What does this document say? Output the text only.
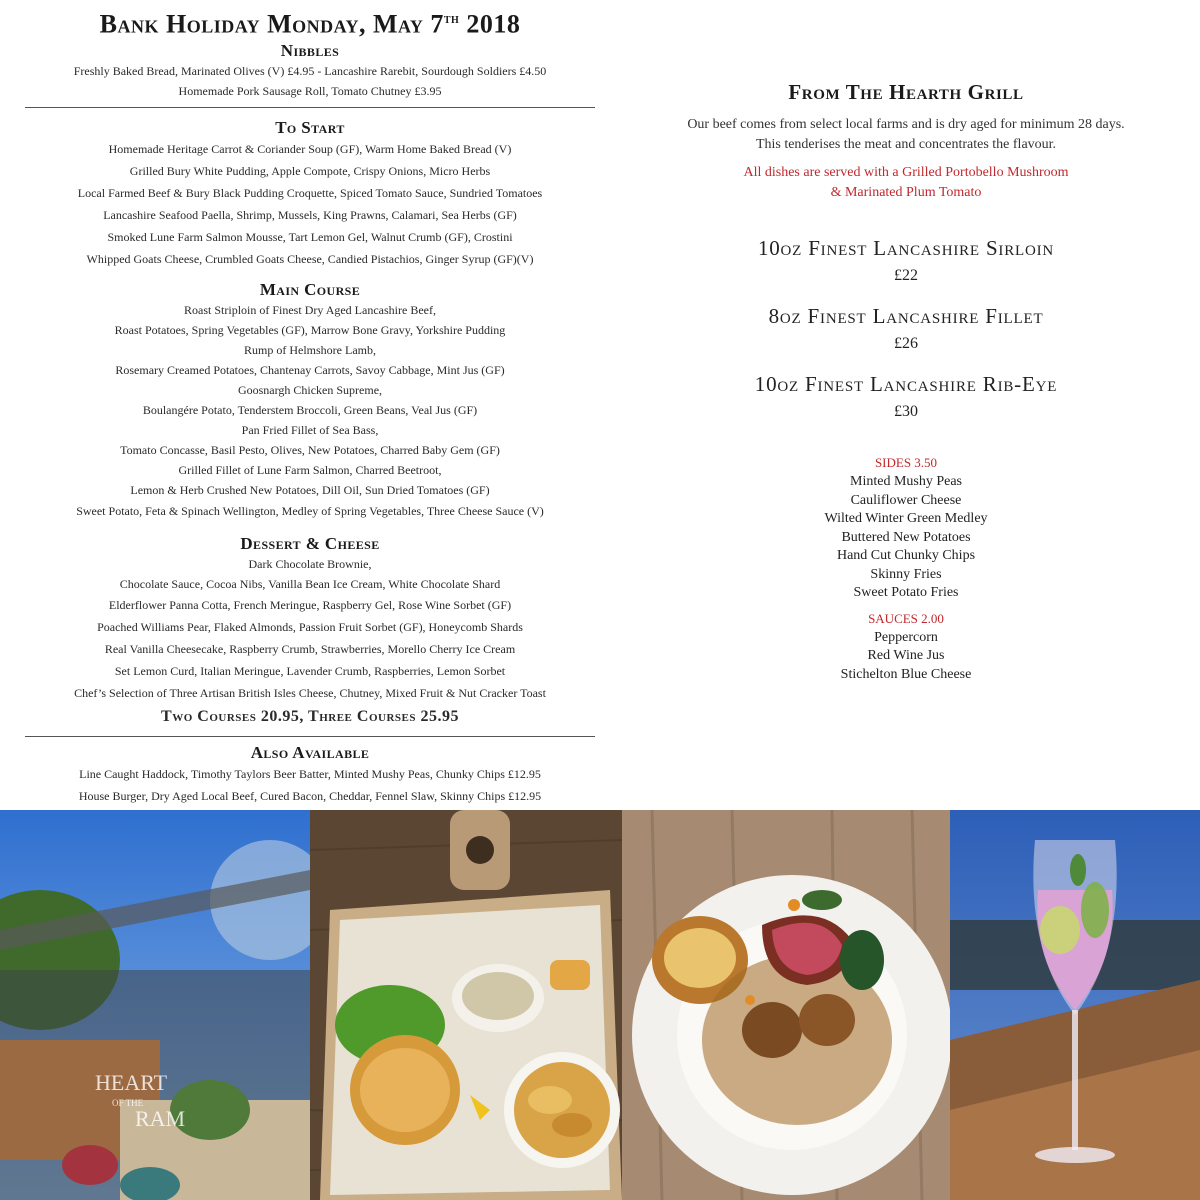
Bank Holiday Monday, May 7th 2018
Nibbles
Freshly Baked Bread, Marinated Olives (V) £4.95 - Lancashire Rarebit, Sourdough Soldiers £4.50
Homemade Pork Sausage Roll, Tomato Chutney £3.95
To Start
Homemade Heritage Carrot & Coriander Soup (GF), Warm Home Baked Bread (V)
Grilled Bury White Pudding, Apple Compote, Crispy Onions, Micro Herbs
Local Farmed Beef & Bury Black Pudding Croquette, Spiced Tomato Sauce, Sundried Tomatoes
Lancashire Seafood Paella, Shrimp, Mussels, King Prawns, Calamari, Sea Herbs (GF)
Smoked Lune Farm Salmon Mousse, Tart Lemon Gel, Walnut Crumb (GF), Crostini
Whipped Goats Cheese, Crumbled Goats Cheese, Candied Pistachios, Ginger Syrup (GF)(V)
Main Course
Roast Striploin of Finest Dry Aged Lancashire Beef,
Roast Potatoes, Spring Vegetables (GF), Marrow Bone Gravy, Yorkshire Pudding
Rump of Helmshore Lamb,
Rosemary Creamed Potatoes, Chantenay Carrots, Savoy Cabbage, Mint Jus (GF)
Goosnargh Chicken Supreme,
Boulangére Potato, Tenderstem Broccoli, Green Beans, Veal Jus (GF)
Pan Fried Fillet of Sea Bass,
Tomato Concasse, Basil Pesto, Olives, New Potatoes, Charred Baby Gem (GF)
Grilled Fillet of Lune Farm Salmon, Charred Beetroot,
Lemon & Herb Crushed New Potatoes, Dill Oil, Sun Dried Tomatoes (GF)
Sweet Potato, Feta & Spinach Wellington, Medley of Spring Vegetables, Three Cheese Sauce (V)
Dessert & Cheese
Dark Chocolate Brownie,
Chocolate Sauce, Cocoa Nibs, Vanilla Bean Ice Cream, White Chocolate Shard
Elderflower Panna Cotta, French Meringue, Raspberry Gel, Rose Wine Sorbet (GF)
Poached Williams Pear, Flaked Almonds, Passion Fruit Sorbet (GF), Honeycomb Shards
Real Vanilla Cheesecake, Raspberry Crumb, Strawberries, Morello Cherry Ice Cream
Set Lemon Curd, Italian Meringue, Lavender Crumb, Raspberries, Lemon Sorbet
Chef’s Selection of Three Artisan British Isles Cheese, Chutney, Mixed Fruit & Nut Cracker Toast
Two Courses 20.95, Three Courses 25.95
Also Available
Line Caught Haddock, Timothy Taylors Beer Batter, Minted Mushy Peas, Chunky Chips £12.95
House Burger, Dry Aged Local Beef, Cured Bacon, Cheddar, Fennel Slaw, Skinny Chips £12.95
From The Hearth Grill
Our beef comes from select local farms and is dry aged for minimum 28 days.
This tenderises the meat and concentrates the flavour.
All dishes are served with a Grilled Portobello Mushroom
& Marinated Plum Tomato
10oz Finest Lancashire Sirloin
£22
8oz Finest Lancashire Fillet
£26
10oz Finest Lancashire Rib-Eye
£30
SIDES 3.50
Minted Mushy Peas
Cauliflower Cheese
Wilted Winter Green Medley
Buttered New Potatoes
Hand Cut Chunky Chips
Skinny Fries
Sweet Potato Fries
SAUCES 2.00
Peppercorn
Red Wine Jus
Stichelton Blue Cheese
HEART
OF THE
RAM
